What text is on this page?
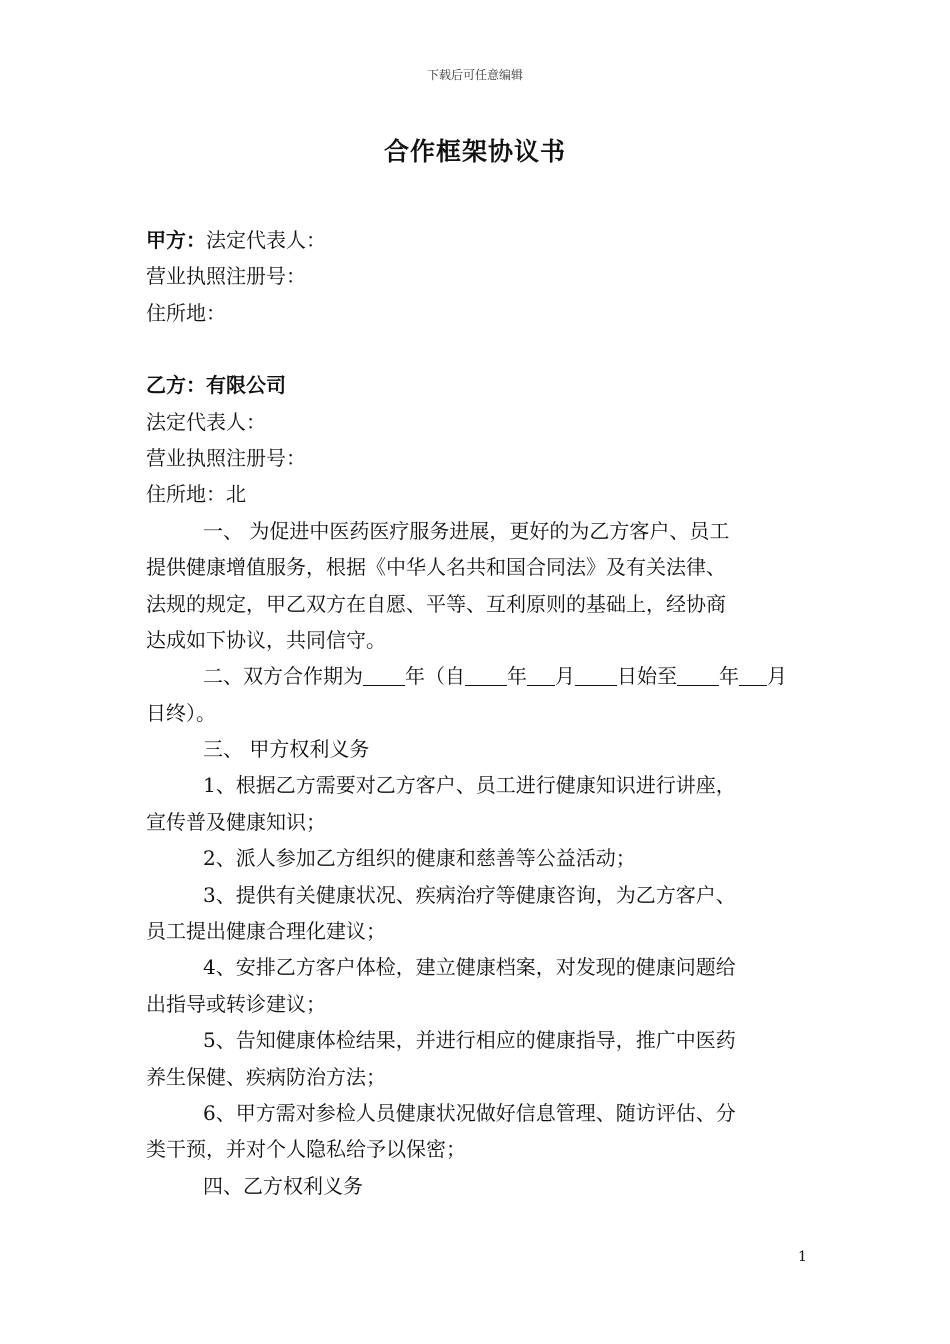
下载后可任意编辑
合作框架协议书
甲方：法定代表人：
营业执照注册号：
住所地：
乙方：有限公司
法定代表人：
营业执照注册号：
住所地：北
一、 为促进中医药医疗服务进展，更好的为乙方客户、员工
提供健康增值服务，根据《中华人名共和国合同法》及有关法律、
法规的规定，甲乙双方在自愿、平等、互利原则的基础上，经协商
达成如下协议，共同信守。
二、双方合作期为 年（自 年 月 日始至 年 月
日终）。
三、 甲方权利义务
1、根据乙方需要对乙方客户、员工进行健康知识进行讲座，
宣传普及健康知识；
2、派人参加乙方组织的健康和慈善等公益活动；
3、提供有关健康状况、疾病治疗等健康咨询，为乙方客户、
员工提出健康合理化建议；
4、安排乙方客户体检，建立健康档案，对发现的健康问题给
出指导或转诊建议；
5、告知健康体检结果，并进行相应的健康指导，推广中医药
养生保健、疾病防治方法；
6、甲方需对参检人员健康状况做好信息管理、随访评估、分
类干预，并对个人隐私给予以保密；
四、乙方权利义务
1
